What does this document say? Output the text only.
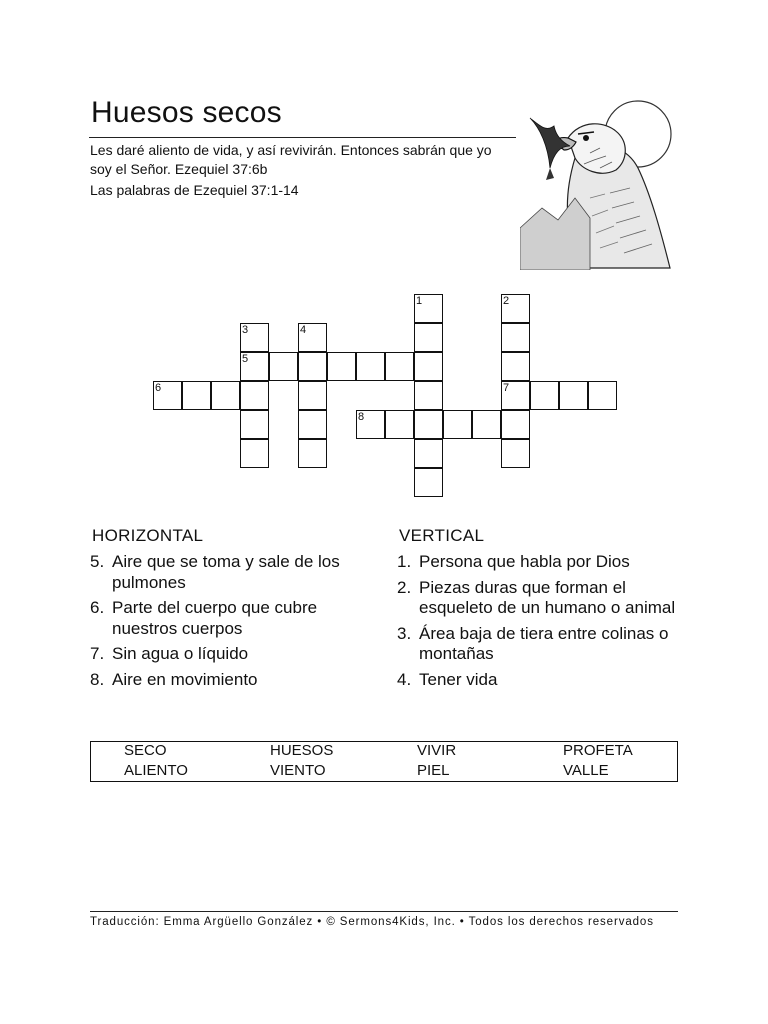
Huesos secos
Les daré aliento de vida, y así revivirán. Entonces sabrán que yo soy el Señor. Ezequiel 37:6b
Las palabras de Ezequiel 37:1-14
1	2
7
3
5
4
6
8
HORIZONTAL
5. Aire que se toma y sale de los pulmones
6. Parte del cuerpo que cubre nuestros cuerpos
7. Sin agua o líquido
8. Aire en movimiento
VERTICAL
1. Persona que habla por Dios
2. Piezas duras que forman el esqueleto de un humano o animal
3. Área baja de tiera entre colinas o montañas
4. Tener vida
SECO	HUESOS	VIVIR	PROFETA
ALIENTO	VIENTO	PIEL	VALLE
Traducción: Emma Argüello González • © Sermons4Kids, Inc. • Todos los derechos reservados
